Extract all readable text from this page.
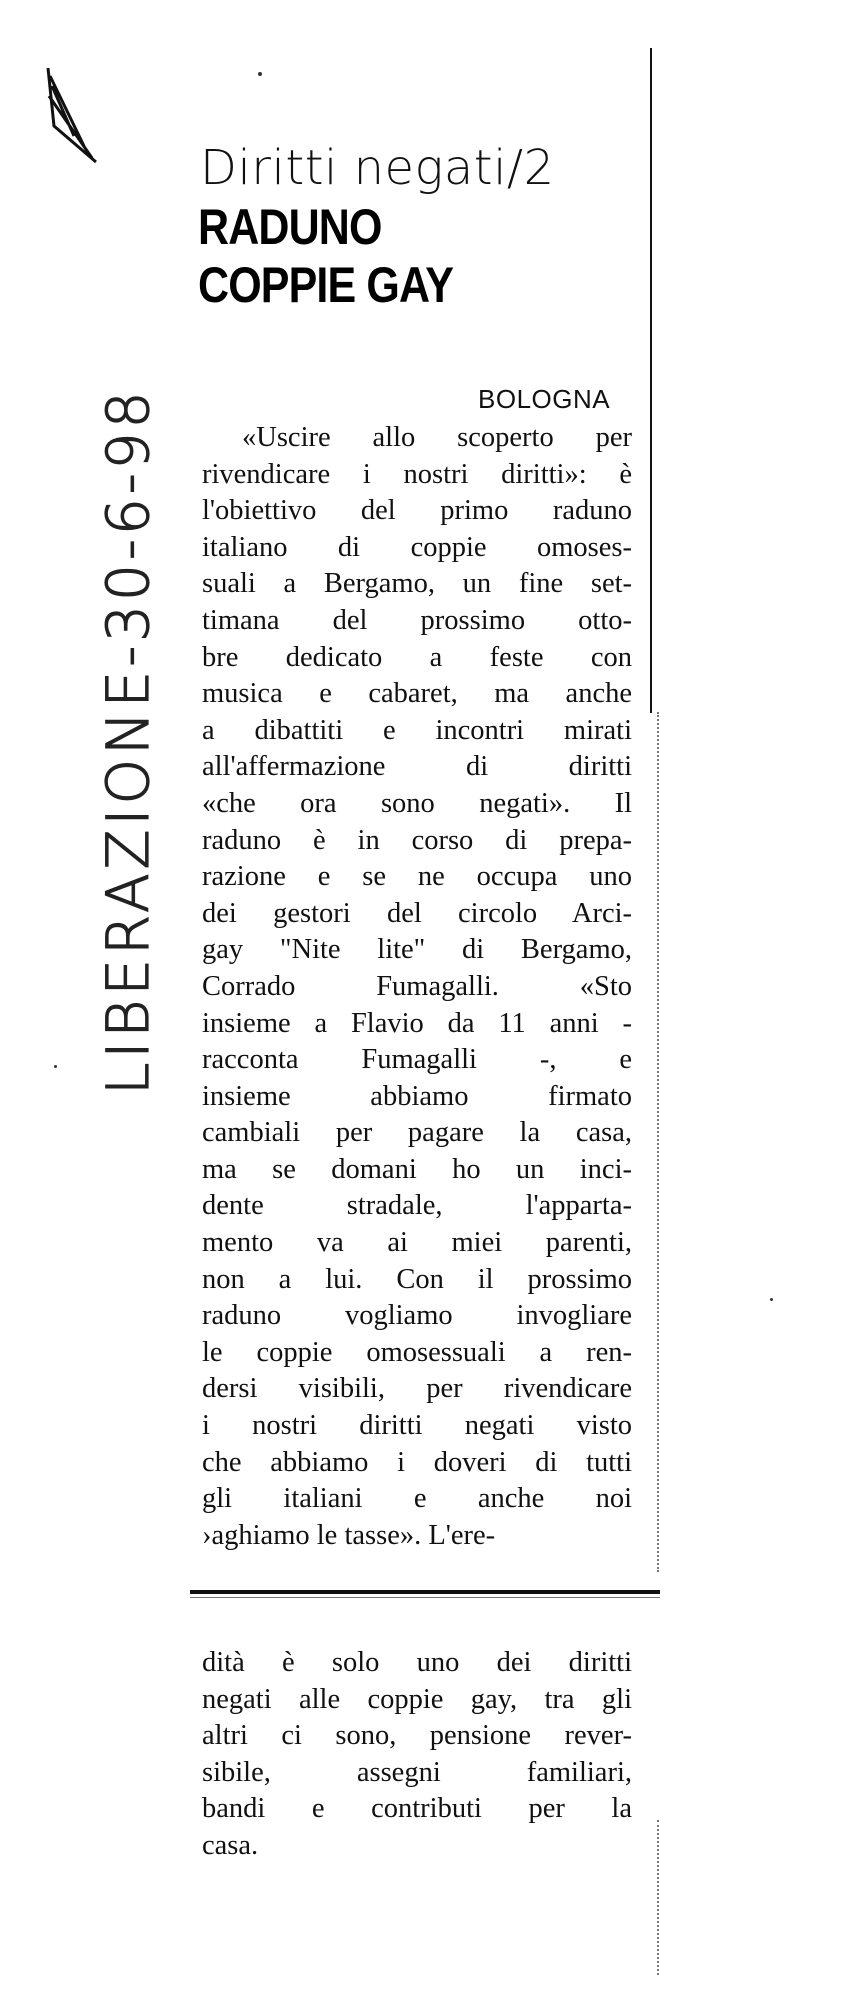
LIBERAZIONE-30-6-98
Diritti negati/2
RADUNO
COPPIE GAY
BOLOGNA
«Uscire allo scoperto per
rivendicare i nostri diritti»: è
l'obiettivo del primo raduno
italiano di coppie omoses-
suali a Bergamo, un fine set-
timana del prossimo otto-
bre dedicato a feste con
musica e cabaret, ma anche
a dibattiti e incontri mirati
all'affermazione di diritti
«che ora sono negati». Il
raduno è in corso di prepa-
razione e se ne occupa uno
dei gestori del circolo Arci-
gay "Nite lite" di Bergamo,
Corrado Fumagalli. «Sto
insieme a Flavio da 11 anni -
racconta Fumagalli -, e
insieme abbiamo firmato
cambiali per pagare la casa,
ma se domani ho un inci-
dente stradale, l'apparta-
mento va ai miei parenti,
non a lui. Con il prossimo
raduno vogliamo invogliare
le coppie omosessuali a ren-
dersi visibili, per rivendicare
i nostri diritti negati visto
che abbiamo i doveri di tutti
gli italiani e anche noi
›aghiamo le tasse». L'ere-
dità è solo uno dei diritti
negati alle coppie gay, tra gli
altri ci sono, pensione rever-
sibile, assegni familiari,
bandi e contributi per la
casa.
